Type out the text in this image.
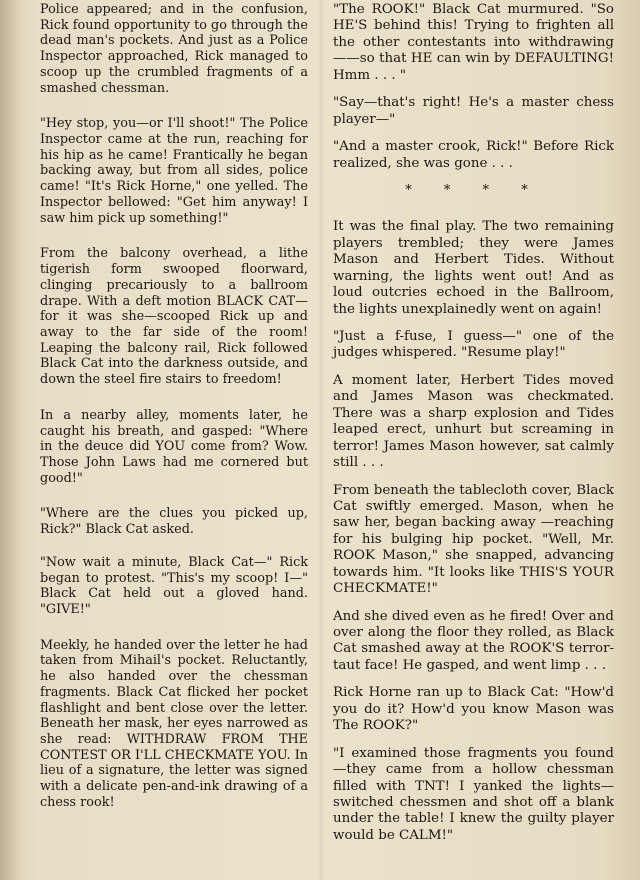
Police appeared; and in the confusion, Rick found opportunity to go through the dead man's pockets. And just as a Police Inspector approached, Rick managed to scoop up the crumbled fragments of a smashed chessman.

"Hey stop, you—or I'll shoot!" The Police Inspector came at the run, reaching for his hip as he came! Frantically he began backing away, but from all sides, police came! "It's Rick Horne," one yelled. The Inspector bellowed: "Get him anyway! I saw him pick up something!"

From the balcony overhead, a lithe tigerish form swooped floorward, clinging precariously to a ballroom drape. With a deft motion BLACK CAT—for it was she—scooped Rick up and away to the far side of the room! Leaping the balcony rail, Rick followed Black Cat into the darkness outside, and down the steel fire stairs to freedom!

In a nearby alley, moments later, he caught his breath, and gasped: "Where in the deuce did YOU come from? Wow. Those John Laws had me cornered but good!"

"Where are the clues you picked up, Rick?" Black Cat asked.

"Now wait a minute, Black Cat—" Rick began to protest. "This's my scoop! I—" Black Cat held out a gloved hand. "GIVE!"

Meekly, he handed over the letter he had taken from Mihail's pocket. Reluctantly, he also handed over the chessman fragments. Black Cat flicked her pocket flashlight and bent close over the letter. Beneath her mask, her eyes narrowed as she read: WITHDRAW FROM THE CONTEST OR I'LL CHECKMATE YOU. In lieu of a signature, the letter was signed with a delicate pen-and-ink drawing of a chess rook!

"The ROOK!" Black Cat murmured. "So HE'S behind this! Trying to frighten all the other contestants into withdrawing——so that HE can win by DEFAULTING! Hmm . . . "

"Say—that's right! He's a master chess player—"

"And a master crook, Rick!" Before Rick realized, she was gone . . .

* * * *

It was the final play. The two remaining players trembled; they were James Mason and Herbert Tides. Without warning, the lights went out! And as loud outcries echoed in the Ballroom, the lights unexplainedly went on again!

"Just a f-fuse, I guess—" one of the judges whispered. "Resume play!"

A moment later, Herbert Tides moved and James Mason was checkmated. There was a sharp explosion and Tides leaped erect, unhurt but screaming in terror! James Mason however, sat calmly still . . .

From beneath the tablecloth cover, Black Cat swiftly emerged. Mason, when he saw her, began backing away —reaching for his bulging hip pocket. "Well, Mr. ROOK Mason," she snapped, advancing towards him. "It looks like THIS'S YOUR CHECKMATE!"

And she dived even as he fired! Over and over along the floor they rolled, as Black Cat smashed away at the ROOK'S terror-taut face! He gasped, and went limp . . .

Rick Horne ran up to Black Cat: "How'd you do it? How'd you know Mason was The ROOK?"

"I examined those fragments you found—they came from a hollow chessman filled with TNT! I yanked the lights—switched chessmen and shot off a blank under the table! I knew the guilty player would be CALM!"
